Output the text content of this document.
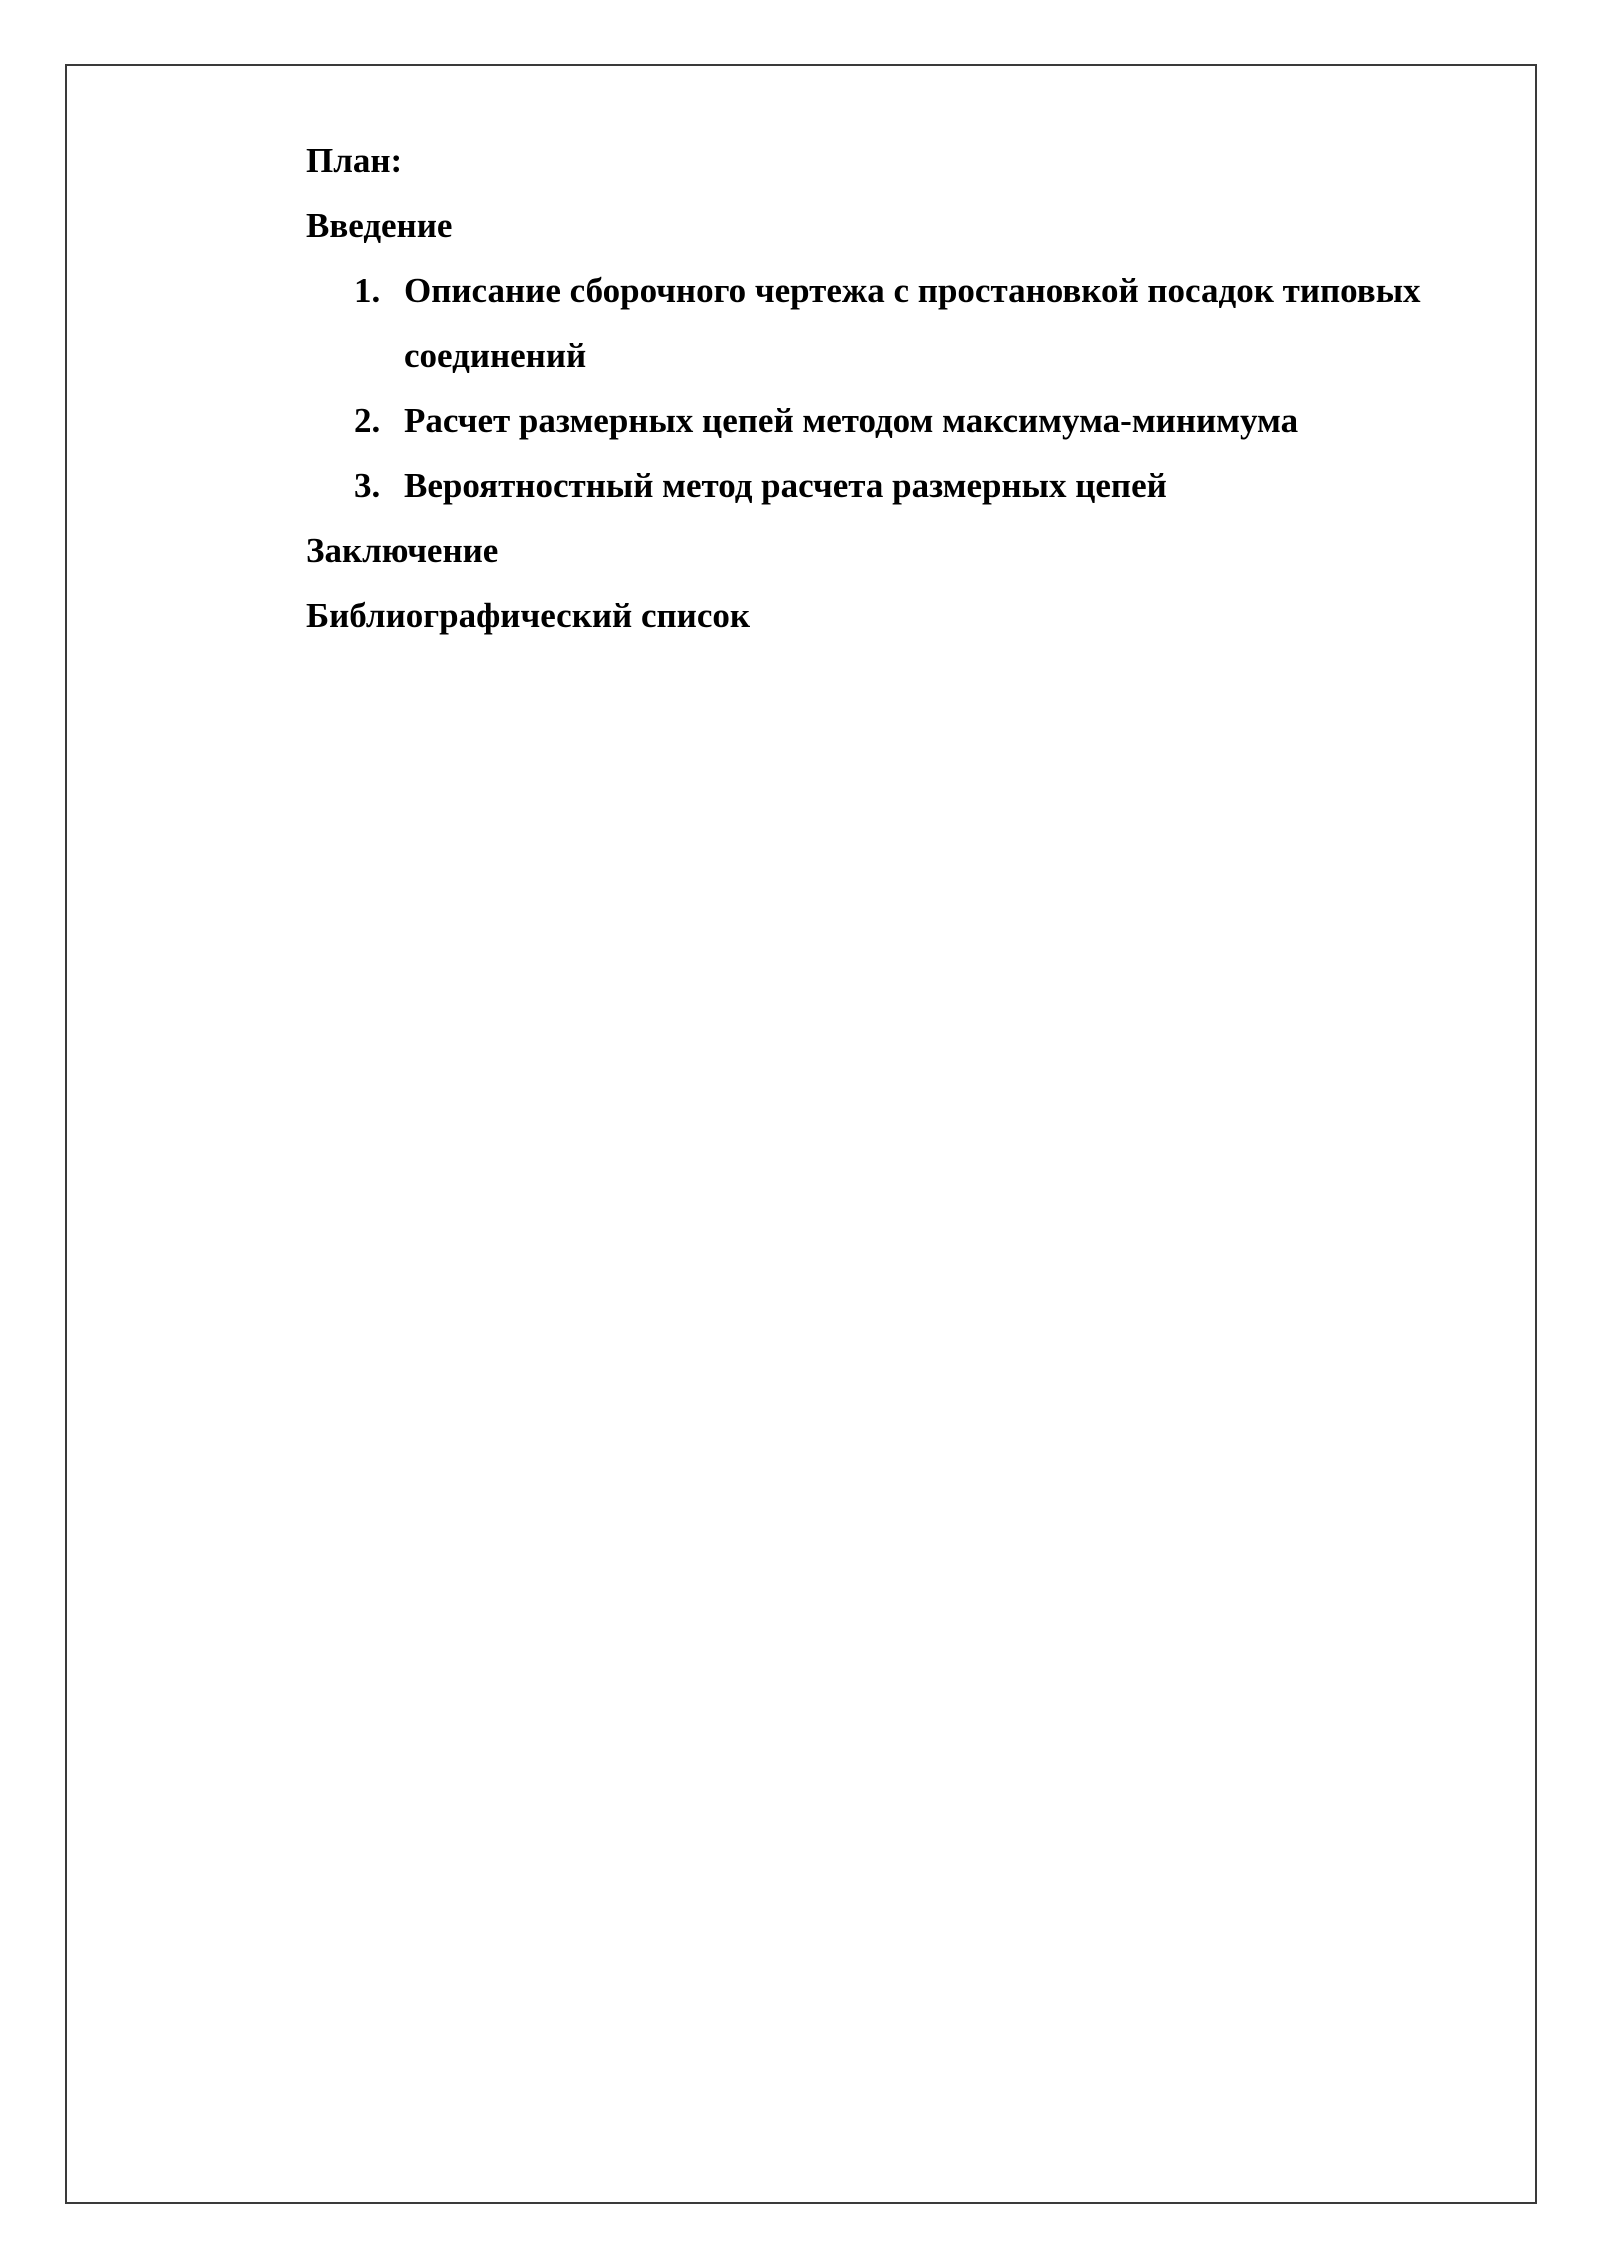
План:
Введение
1. Описание сборочного чертежа с простановкой посадок типовых соединений
2. Расчет размерных цепей методом максимума-минимума
3. Вероятностный метод расчета размерных цепей
Заключение
Библиографический список
